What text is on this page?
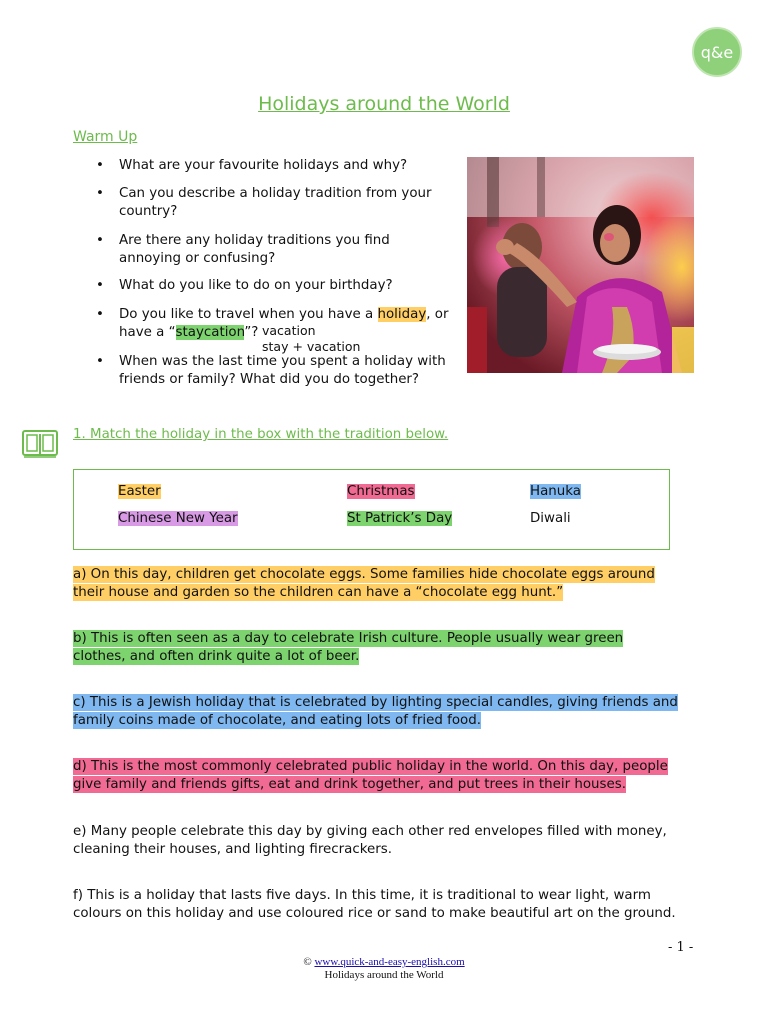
q&e
Holidays around the World
Warm Up
• What are your favourite holidays and why?
• Can you describe a holiday tradition from your
country?
• Are there any holiday traditions you find
annoying or confusing?
• What do you like to do on your birthday?
• Do you like to travel when you have a holiday, or
have a “staycation”?
• When was the last time you spent a holiday with
friends or family? What did you do together?
vacation
stay + vacation
1. Match the holiday in the box with the tradition below.
Easter	Christmas	Hanuka
Chinese New Year	St Patrick’s Day	Diwali
a) On this day, children get chocolate eggs. Some families hide chocolate eggs around
their house and garden so the children can have a “chocolate egg hunt.”
b) This is often seen as a day to celebrate Irish culture. People usually wear green
clothes, and often drink quite a lot of beer.
c) This is a Jewish holiday that is celebrated by lighting special candles, giving friends and
family coins made of chocolate, and eating lots of fried food.
d) This is the most commonly celebrated public holiday in the world. On this day, people
give family and friends gifts, eat and drink together, and put trees in their houses.
e) Many people celebrate this day by giving each other red envelopes filled with money,
cleaning their houses, and lighting firecrackers.
f) This is a holiday that lasts five days. In this time, it is traditional to wear light, warm
colours on this holiday and use coloured rice or sand to make beautiful art on the ground.
- 1 -
© www.quick-and-easy-english.com
Holidays around the World
